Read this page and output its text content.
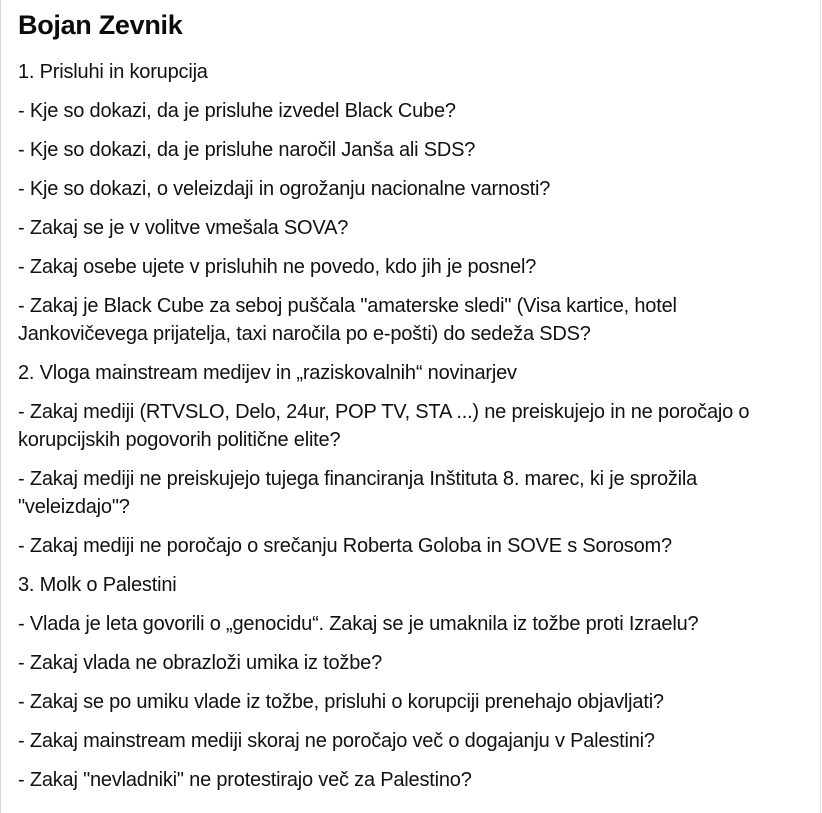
Bojan Zevnik

1. Prisluhi in korupcija

- Kje so dokazi, da je prisluhe izvedel Black Cube?

- Kje so dokazi, da je prisluhe naročil Janša ali SDS?

- Kje so dokazi, o veleizdaji in ogrožanju nacionalne varnosti?

- Zakaj se je v volitve vmešala SOVA?

- Zakaj osebe ujete v prisluhih ne povedo, kdo jih je posnel?

- Zakaj je Black Cube za seboj puščala "amaterske sledi" (Visa kartice, hotel Jankovičevega prijatelja, taxi naročila po e-pošti) do sedeža SDS?

2. Vloga mainstream medijev in „raziskovalnih“ novinarjev

- Zakaj mediji (RTVSLO, Delo, 24ur, POP TV, STA ...) ne preiskujejo in ne poročajo o korupcijskih pogovorih politične elite?

- Zakaj mediji ne preiskujejo tujega financiranja Inštituta 8. marec, ki je sprožila "veleizdajo"?

- Zakaj mediji ne poročajo o srečanju Roberta Goloba in SOVE s Sorosom?

3. Molk o Palestini

- Vlada je leta govorili o „genocidu“. Zakaj se je umaknila iz tožbe proti Izraelu?

- Zakaj vlada ne obrazloži umika iz tožbe?

- Zakaj se po umiku vlade iz tožbe, prisluhi o korupciji prenehajo objavljati?

- Zakaj mainstream mediji skoraj ne poročajo več o dogajanju v Palestini?

- Zakaj "nevladniki" ne protestirajo več za Palestino?
